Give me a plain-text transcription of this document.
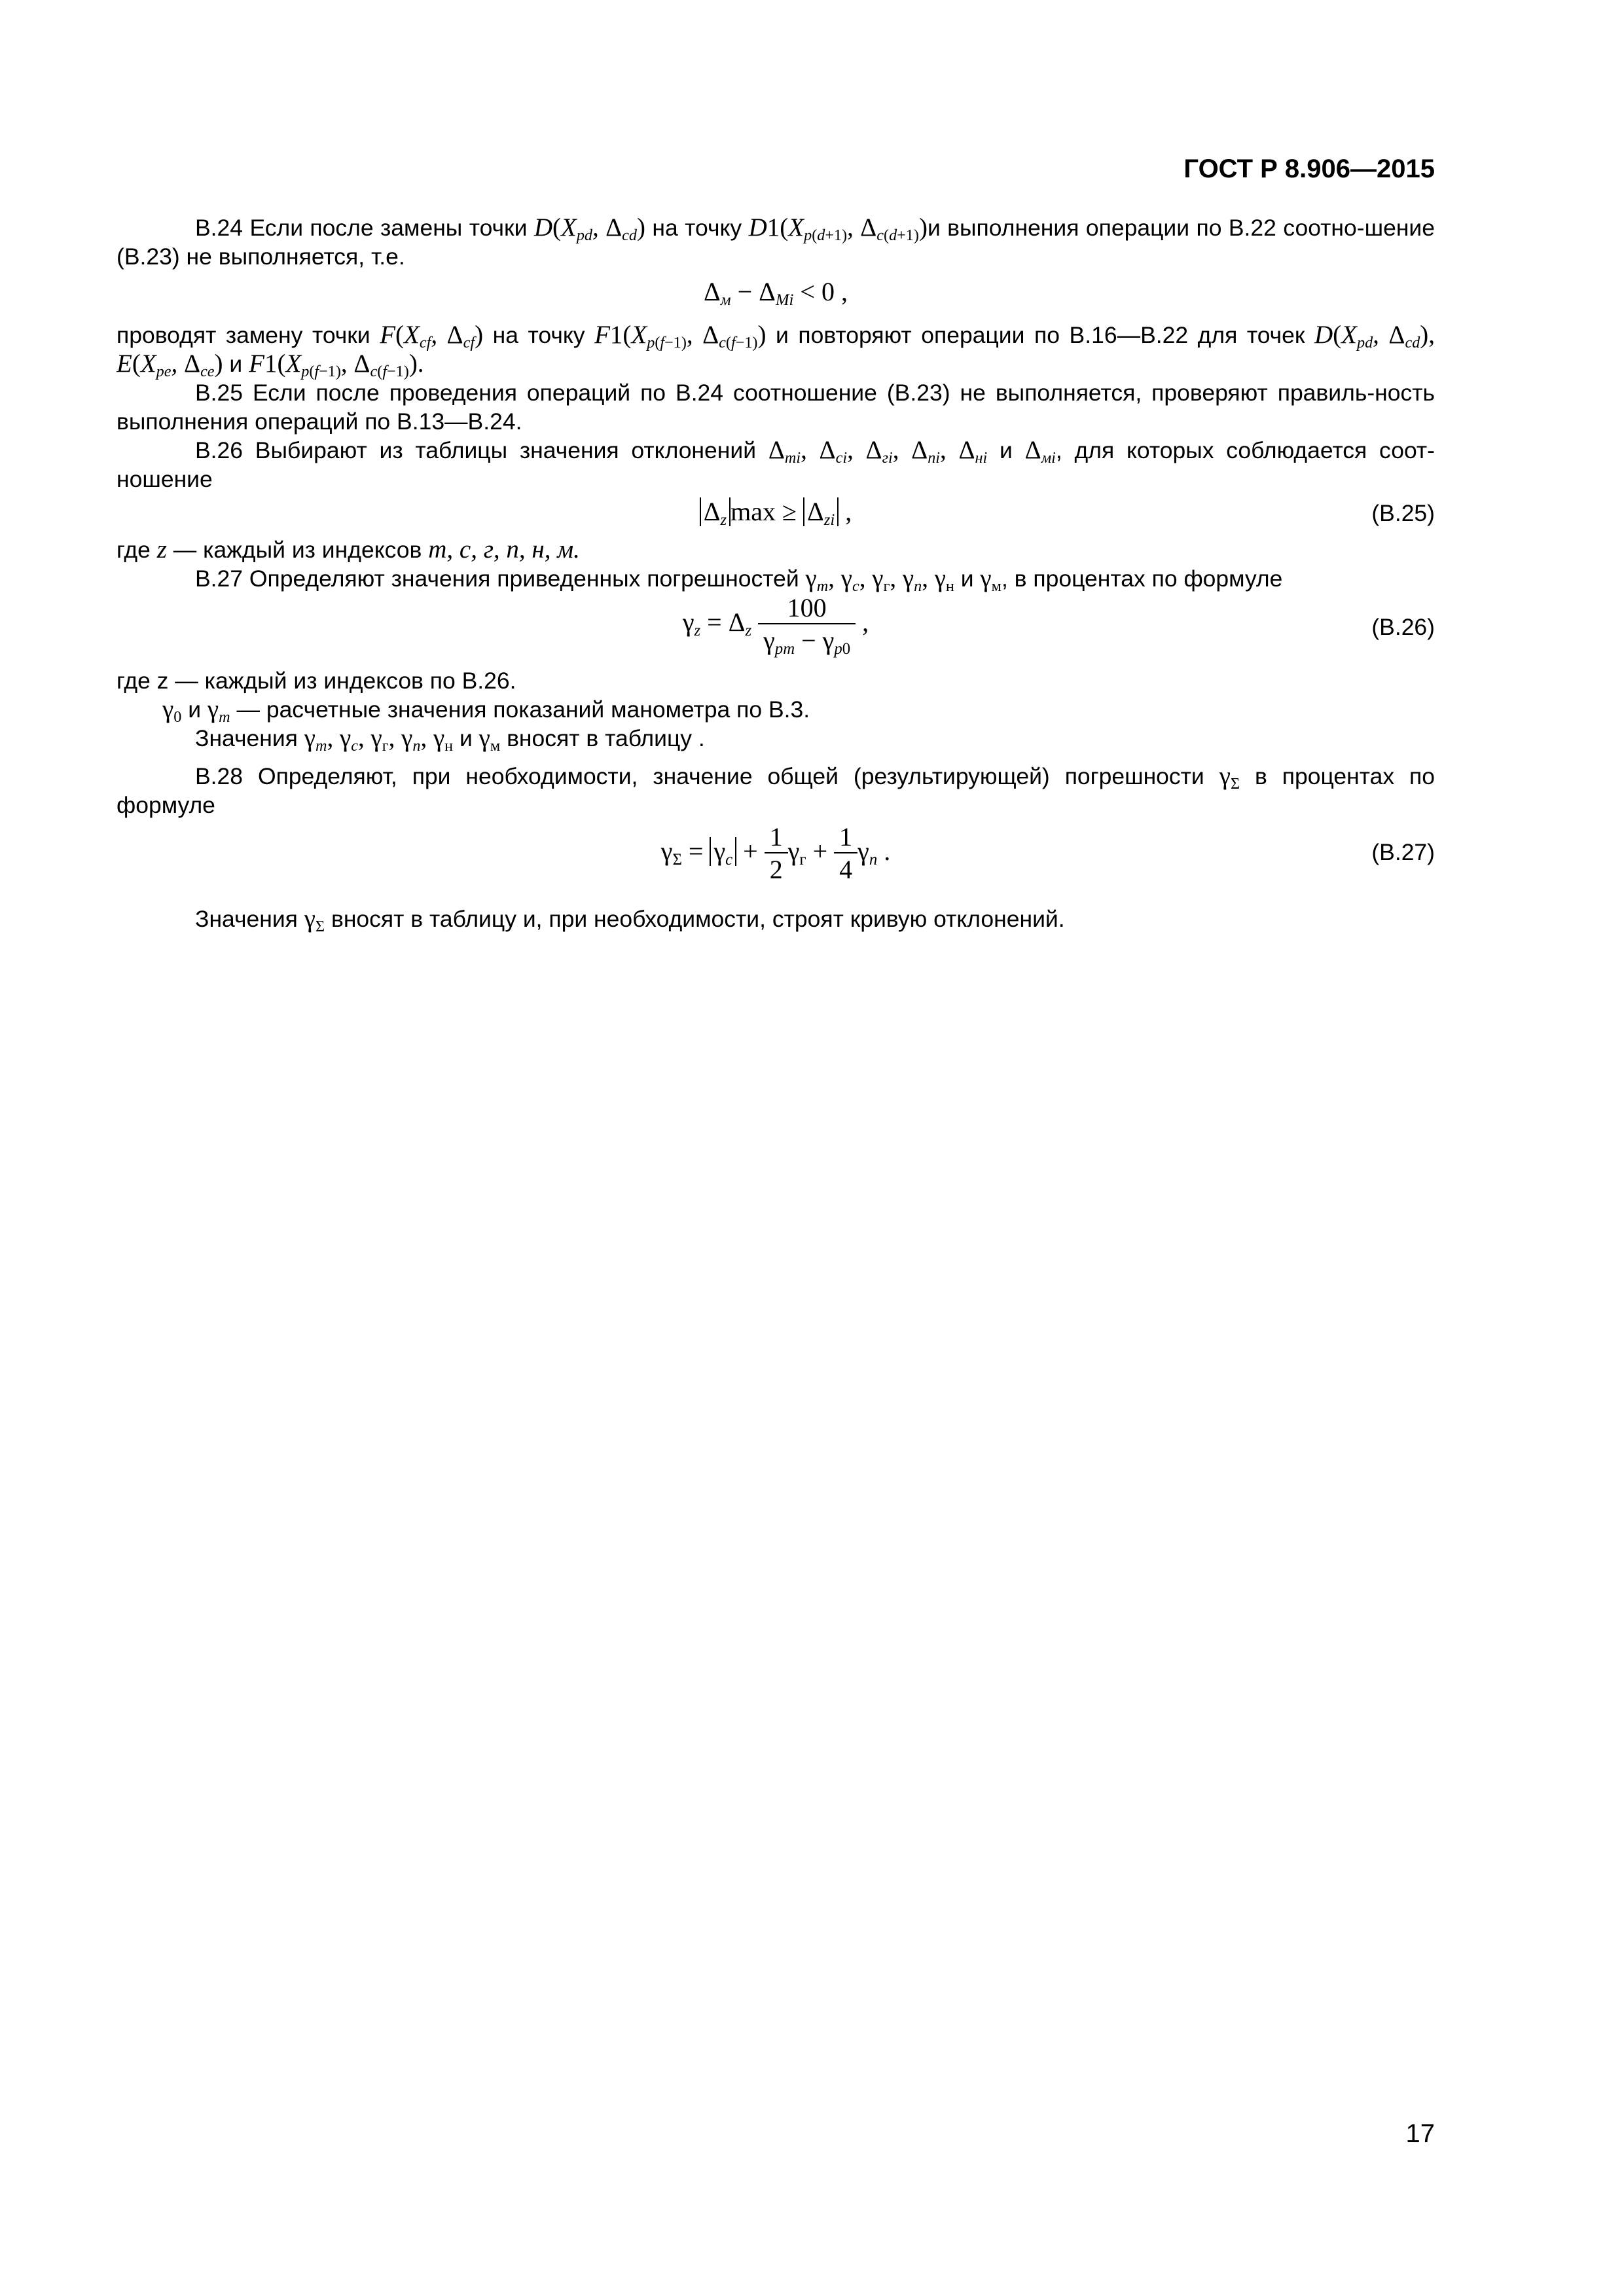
ГОСТ Р 8.906—2015

В.24 Если после замены точки $D(X_{pd}$, $\Delta_{cd}$) на точку $D1(X_{p(d+1)}$, $\Delta_{c(d+1)})и$ выполнения операции по В.22 соотно-шение (В.23) не выполняется, т.е.

$\Delta_м - \Delta_{Mi} < 0$ ,

проводят замену точки $F(X_{cf}$, $\Delta_{cf}$) на точку $F1(X_{p(f-1)}$, $\Delta_{c(f-1)}$) и повторяют операции по В.16—В.22 для точек $D(X_{pd}$, $\Delta_{cd}$), $E(X_{pe}$, $\Delta_{ce}$) и $F1(X_{p(f-1)}$, $\Delta_{c(f-1)}$).

В.25 Если после проведения операций по В.24 соотношение (В.23) не выполняется, проверяют правиль-ность выполнения операций по В.13—В.24.

В.26 Выбирают из таблицы значения отклонений $\Delta_{mi}$, $\Delta_{ci}$, $\Delta_{гi}$, $\Delta_{ni}$, $\Delta_{нi}$ и $\Delta_{мi}$, для которых соблюдается соот-ношение

$\Delta_z$ $\max \ge \Delta_{zi}$ ,	(В.25)

где z — каждый из индексов m, c, г, n, н, м.

В.27 Определяют значения приведенных погрешностей $\gamma_m$, $\gamma_c$, $\gamma_г$, $\gamma_n$, $\gamma_н$ и $\gamma_м$, в процентах по формуле

$\gamma_z = \Delta_z \frac{100}{\gamma_{pm} - \gamma_{p0}}$ ,	(В.26)

где z — каждый из индексов по В.26.

$\gamma_0$ и $\gamma_m$ — расчетные значения показаний манометра по В.3.

Значения $\gamma_m$, $\gamma_c$, $\gamma_г$, $\gamma_n$, $\gamma_н$ и $\gamma_м$ вносят в таблицу .

В.28 Определяют, при необходимости, значение общей (результирующей) погрешности $\gamma_\Sigma$ в процентах по формуле

$\gamma_\Sigma = \gamma_c + \frac{1}{2} \gamma_г + \frac{1}{4} \gamma_n$ .	(В.27)

Значения $\gamma_\Sigma$ вносят в таблицу и, при необходимости, строят кривую отклонений.

17
